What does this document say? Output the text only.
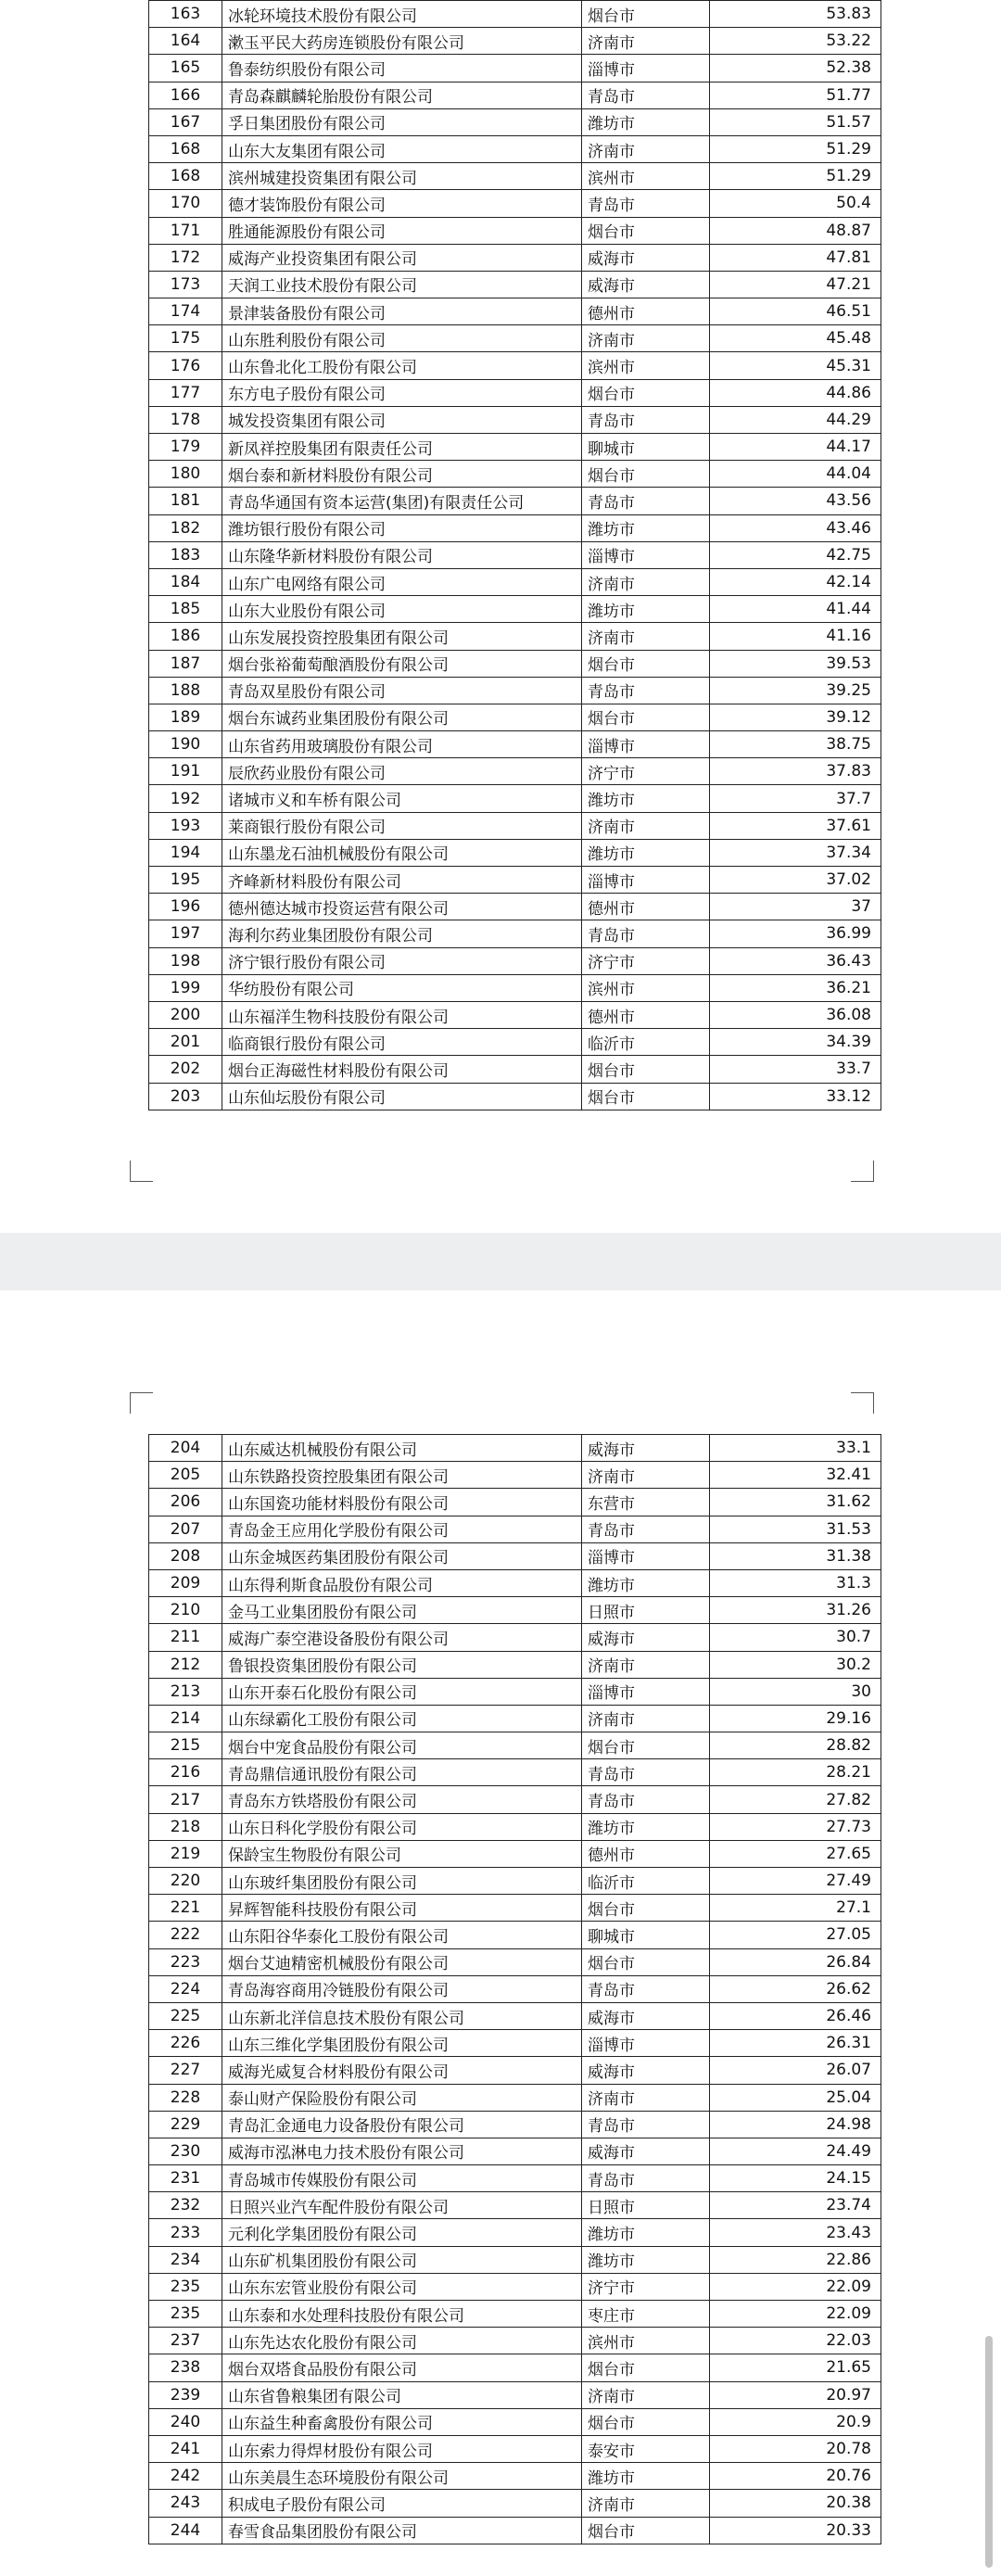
163	冰轮环境技术股份有限公司	烟台市	53.83
164	漱玉平民大药房连锁股份有限公司	济南市	53.22
165	鲁泰纺织股份有限公司	淄博市	52.38
166	青岛森麒麟轮胎股份有限公司	青岛市	51.77
167	孚日集团股份有限公司	潍坊市	51.57
168	山东大友集团有限公司	济南市	51.29
168	滨州城建投资集团有限公司	滨州市	51.29
170	德才装饰股份有限公司	青岛市	50.4
171	胜通能源股份有限公司	烟台市	48.87
172	威海产业投资集团有限公司	威海市	47.81
173	天润工业技术股份有限公司	威海市	47.21
174	景津装备股份有限公司	德州市	46.51
175	山东胜利股份有限公司	济南市	45.48
176	山东鲁北化工股份有限公司	滨州市	45.31
177	东方电子股份有限公司	烟台市	44.86
178	城发投资集团有限公司	青岛市	44.29
179	新凤祥控股集团有限责任公司	聊城市	44.17
180	烟台泰和新材料股份有限公司	烟台市	44.04
181	青岛华通国有资本运营(集团)有限责任公司	青岛市	43.56
182	潍坊银行股份有限公司	潍坊市	43.46
183	山东隆华新材料股份有限公司	淄博市	42.75
184	山东广电网络有限公司	济南市	42.14
185	山东大业股份有限公司	潍坊市	41.44
186	山东发展投资控股集团有限公司	济南市	41.16
187	烟台张裕葡萄酿酒股份有限公司	烟台市	39.53
188	青岛双星股份有限公司	青岛市	39.25
189	烟台东诚药业集团股份有限公司	烟台市	39.12
190	山东省药用玻璃股份有限公司	淄博市	38.75
191	辰欣药业股份有限公司	济宁市	37.83
192	诸城市义和车桥有限公司	潍坊市	37.7
193	莱商银行股份有限公司	济南市	37.61
194	山东墨龙石油机械股份有限公司	潍坊市	37.34
195	齐峰新材料股份有限公司	淄博市	37.02
196	德州德达城市投资运营有限公司	德州市	37
197	海利尔药业集团股份有限公司	青岛市	36.99
198	济宁银行股份有限公司	济宁市	36.43
199	华纺股份有限公司	滨州市	36.21
200	山东福洋生物科技股份有限公司	德州市	36.08
201	临商银行股份有限公司	临沂市	34.39
202	烟台正海磁性材料股份有限公司	烟台市	33.7
203	山东仙坛股份有限公司	烟台市	33.12
204	山东威达机械股份有限公司	威海市	33.1
205	山东铁路投资控股集团有限公司	济南市	32.41
206	山东国瓷功能材料股份有限公司	东营市	31.62
207	青岛金王应用化学股份有限公司	青岛市	31.53
208	山东金城医药集团股份有限公司	淄博市	31.38
209	山东得利斯食品股份有限公司	潍坊市	31.3
210	金马工业集团股份有限公司	日照市	31.26
211	威海广泰空港设备股份有限公司	威海市	30.7
212	鲁银投资集团股份有限公司	济南市	30.2
213	山东开泰石化股份有限公司	淄博市	30
214	山东绿霸化工股份有限公司	济南市	29.16
215	烟台中宠食品股份有限公司	烟台市	28.82
216	青岛鼎信通讯股份有限公司	青岛市	28.21
217	青岛东方铁塔股份有限公司	青岛市	27.82
218	山东日科化学股份有限公司	潍坊市	27.73
219	保龄宝生物股份有限公司	德州市	27.65
220	山东玻纤集团股份有限公司	临沂市	27.49
221	昇辉智能科技股份有限公司	烟台市	27.1
222	山东阳谷华泰化工股份有限公司	聊城市	27.05
223	烟台艾迪精密机械股份有限公司	烟台市	26.84
224	青岛海容商用冷链股份有限公司	青岛市	26.62
225	山东新北洋信息技术股份有限公司	威海市	26.46
226	山东三维化学集团股份有限公司	淄博市	26.31
227	威海光威复合材料股份有限公司	威海市	26.07
228	泰山财产保险股份有限公司	济南市	25.04
229	青岛汇金通电力设备股份有限公司	青岛市	24.98
230	威海市泓淋电力技术股份有限公司	威海市	24.49
231	青岛城市传媒股份有限公司	青岛市	24.15
232	日照兴业汽车配件股份有限公司	日照市	23.74
233	元利化学集团股份有限公司	潍坊市	23.43
234	山东矿机集团股份有限公司	潍坊市	22.86
235	山东东宏管业股份有限公司	济宁市	22.09
235	山东泰和水处理科技股份有限公司	枣庄市	22.09
237	山东先达农化股份有限公司	滨州市	22.03
238	烟台双塔食品股份有限公司	烟台市	21.65
239	山东省鲁粮集团有限公司	济南市	20.97
240	山东益生种畜禽股份有限公司	烟台市	20.9
241	山东索力得焊材股份有限公司	泰安市	20.78
242	山东美晨生态环境股份有限公司	潍坊市	20.76
243	积成电子股份有限公司	济南市	20.38
244	春雪食品集团股份有限公司	烟台市	20.33
